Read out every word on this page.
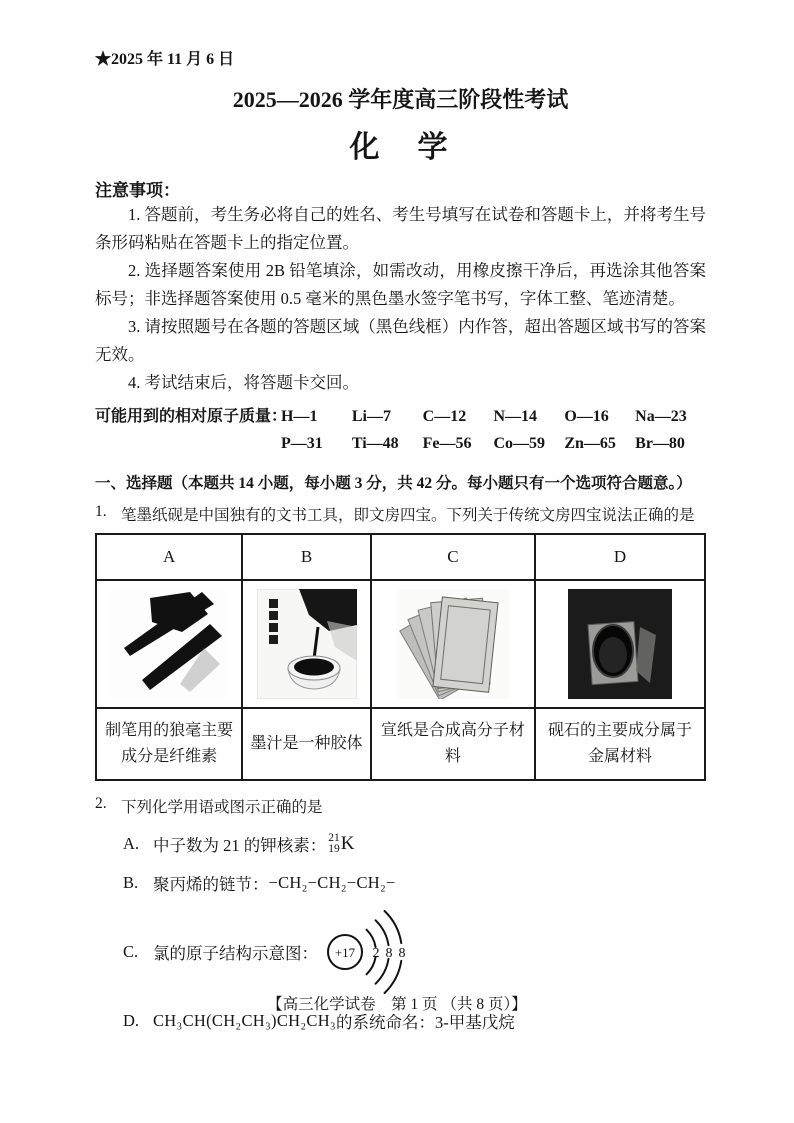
★2025 年 11 月 6 日
2025—2026 学年度高三阶段性考试
化　学
注意事项：

1. 答题前，考生务必将自己的姓名、考生号填写在试卷和答题卡上，并将考生号条形码粘贴在答题卡上的指定位置。

2. 选择题答案使用 2B 铅笔填涂，如需改动，用橡皮擦干净后，再选涂其他答案标号；非选择题答案使用 0.5 毫米的黑色墨水签字笔书写，字体工整、笔迹清楚。

3. 请按照题号在各题的答题区域（黑色线框）内作答，超出答题区域书写的答案无效。

4. 考试结束后，将答题卡交回。

可能用到的相对原子质量：
H—1	Li—7	C—12	N—14	O—16	Na—23
P—31	Ti—48	Fe—56	Co—59	Zn—65	Br—80
一、选择题（本题共 14 小题，每小题 3 分，共 42 分。每小题只有一个选项符合题意。）
1. 笔墨纸砚是中国独有的文书工具，即文房四宝。下列关于传统文房四宝说法正确的是
A	B	C	D

制笔用的狼毫主要成分是纤维素	墨汁是一种胶体	宣纸是合成高分子材料	砚石的主要成分属于金属材料
2. 下列化学用语或图示正确的是
A. 中子数为 21 的钾核素： 21
19 K
B. 聚丙烯的链节： −CH₂−CH₂−CH₂−
C. 氯的原子结构示意图： +17 2 8 8
D. CH₃CH(CH₂CH₃)CH₂CH₃ 的系统命名：3-甲基戊烷
【高三化学试卷　第 1 页 （共 8 页）】
